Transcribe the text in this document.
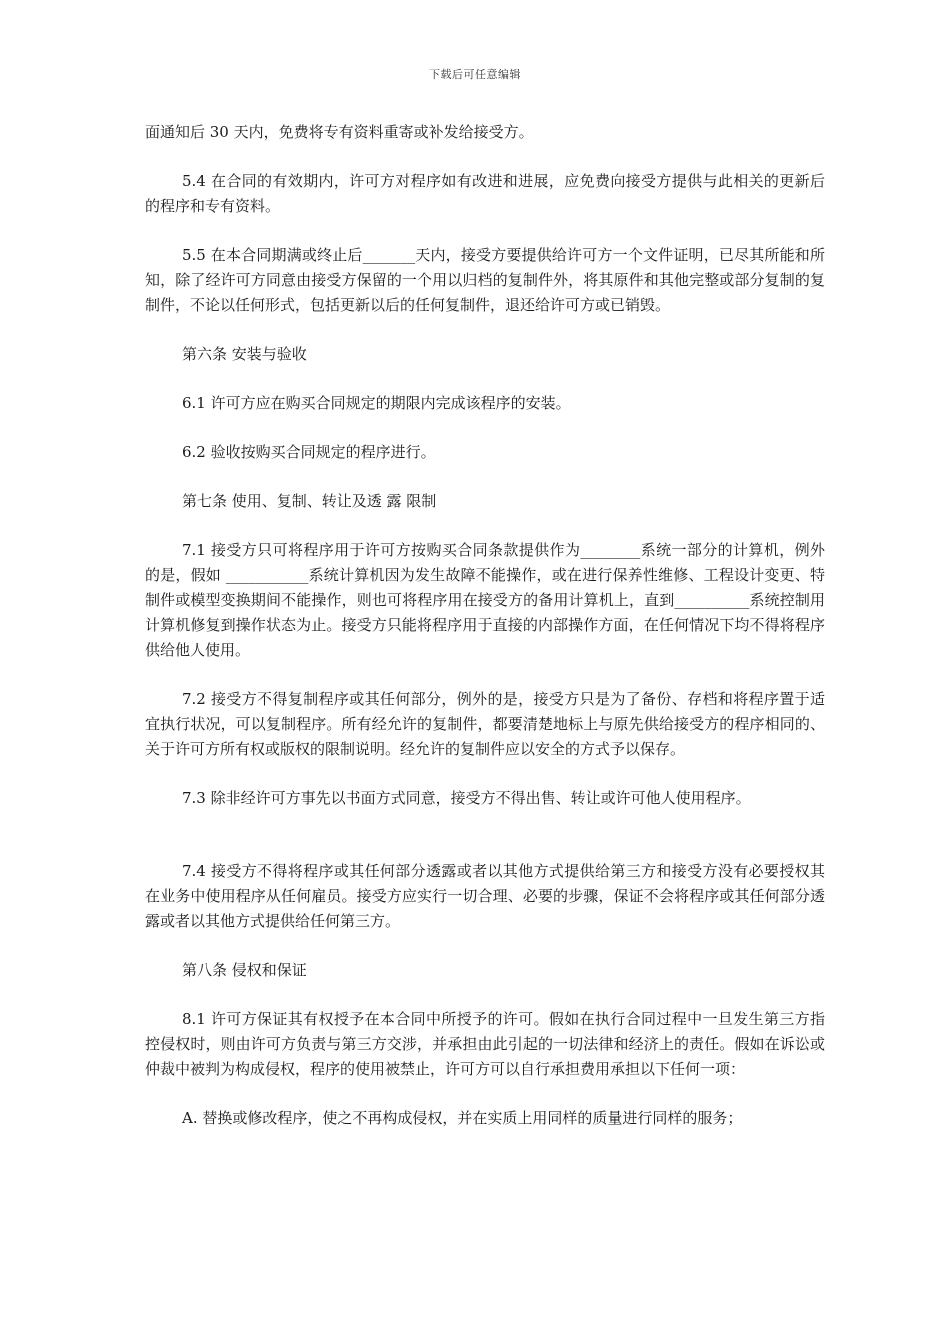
下载后可任意编辑

面通知后 30 天内，免费将专有资料重寄或补发给接受方。

5.4 在合同的有效期内，许可方对程序如有改进和进展，应免费向接受方提供与此相关的更新后的程序和专有资料。

5.5 在本合同期满或终止后_______天内，接受方要提供给许可方一个文件证明，已尽其所能和所知，除了经许可方同意由接受方保留的一个用以归档的复制件外，将其原件和其他完整或部分复制的复制件，不论以任何形式，包括更新以后的任何复制件，退还给许可方或已销毁。

第六条 安装与验收

6.1 许可方应在购买合同规定的期限内完成该程序的安装。

6.2 验收按购买合同规定的程序进行。

第七条 使用、复制、转让及透 露 限制

7.1 接受方只可将程序用于许可方按购买合同条款提供作为________系统一部分的计算机，例外的是，假如 ___________系统计算机因为发生故障不能操作，或在进行保养性维修、工程设计变更、特制件或模型变换期间不能操作，则也可将程序用在接受方的备用计算机上，直到__________系统控制用计算机修复到操作状态为止。接受方只能将程序用于直接的内部操作方面，在任何情况下均不得将程序供给他人使用。

7.2 接受方不得复制程序或其任何部分，例外的是，接受方只是为了备份、存档和将程序置于适宜执行状况，可以复制程序。所有经允许的复制件，都要清楚地标上与原先供给接受方的程序相同的、关于许可方所有权或版权的限制说明。经允许的复制件应以安全的方式予以保存。

7.3 除非经许可方事先以书面方式同意，接受方不得出售、转让或许可他人使用程序。

7.4 接受方不得将程序或其任何部分透露或者以其他方式提供给第三方和接受方没有必要授权其在业务中使用程序从任何雇员。接受方应实行一切合理、必要的步骤，保证不会将程序或其任何部分透露或者以其他方式提供给任何第三方。

第八条 侵权和保证

8.1 许可方保证其有权授予在本合同中所授予的许可。假如在执行合同过程中一旦发生第三方指控侵权时，则由许可方负责与第三方交涉，并承担由此引起的一切法律和经济上的责任。假如在诉讼或仲裁中被判为构成侵权，程序的使用被禁止，许可方可以自行承担费用承担以下任何一项：

A. 替换或修改程序，使之不再构成侵权，并在实质上用同样的质量进行同样的服务；
